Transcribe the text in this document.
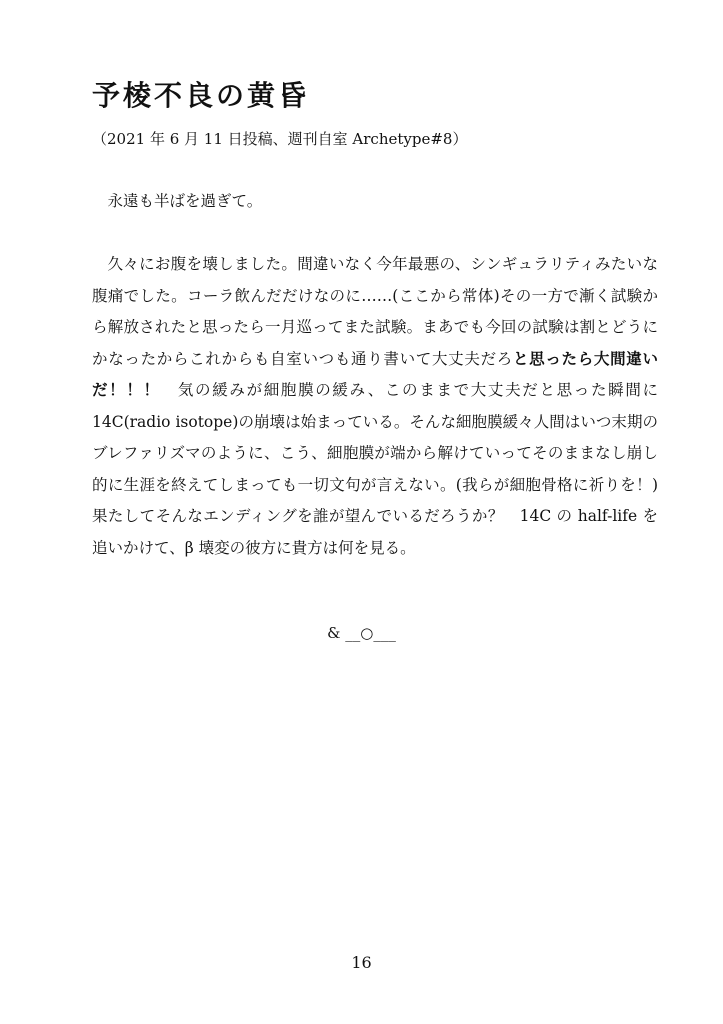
予棱不良の黄昏
（2021 年 6 月 11 日投稿、週刊自室 Archetype#8）

永遠も半ばを過ぎて。

久々にお腹を壊しました。間違いなく今年最悪の、シンギュラリティみたいな腹痛でした。コーラ飲んだだけなのに……(ここから常体)その一方で漸く試験から解放されたと思ったら一月巡ってまた試験。まあでも今回の試験は割とどうにかなったからこれからも自室いつも通り書いて大丈夫だろと思ったら大間違いだ！！！　気の緩みが細胞膜の緩み、このままで大丈夫だと思った瞬間に 14C(radio isotope)の崩壊は始まっている。そんな細胞膜緩々人間はいつ末期のブレファリズマのように、こう、細胞膜が端から解けていってそのままなし崩し的に生涯を終えてしまっても一切文句が言えない。(我らが細胞骨格に祈りを！)果たしてそんなエンディングを誰が望んでいるだろうか？　14C の half-life を追いかけて、β 壊変の彼方に貴方は何を見る。

& __○___
16
